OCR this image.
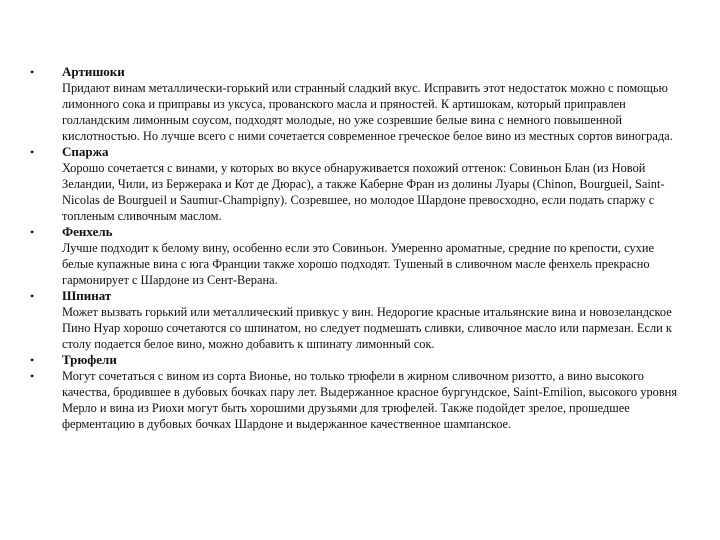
• Артишоки
Придают винам металлически-горький или странный сладкий вкус. Исправить этот недостаток можно с помощью лимонного сока и приправы из уксуса, прованского масла и пряностей. К артишокам, который приправлен голландским лимонным соусом, подходят молодые, но уже созревшие белые вина с немного повышенной кислотностью. Но лучше всего с ними сочетается современное греческое белое вино из местных сортов винограда.
• Спаржа
Хорошо сочетается с винами, у которых во вкусе обнаруживается похожий оттенок: Совиньон Блан (из Новой Зеландии, Чили, из Бержерака и Кот де Дюрас), а также Каберне Фран из долины Луары (Chinon, Bourgueil, Saint-Nicolas de Bourgueil и Saumur-Champigny). Созревшее, но молодое Шардоне превосходно, если подать спаржу с топленым сливочным маслом.
• Фенхель
Лучше подходит к белому вину, особенно если это Совиньон. Умеренно ароматные, средние по крепости, сухие белые купажные вина с юга Франции также хорошо подходят. Тушеный в сливочном масле фенхель прекрасно гармонирует с Шардоне из Сент-Верана.
• Шпинат
Может вызвать горький или металлический привкус у вин. Недорогие красные итальянские вина и новозеландское Пино Нуар хорошо сочетаются со шпинатом, но следует подмешать сливки, сливочное масло или пармезан. Если к столу подается белое вино, можно добавить к шпинату лимонный сок.
• Трюфели
• Могут сочетаться с вином из сорта Вионье, но только трюфели в жирном сливочном ризотто, а вино высокого качества, бродившее в дубовых бочках пару лет. Выдержанное красное бургундское, Saint-Emilion, высокого уровня Мерло и вина из Риохи могут быть хорошими друзьями для трюфелей. Также подойдет зрелое, прошедшее ферментацию в дубовых бочках Шардоне и выдержанное качественное шампанское.
